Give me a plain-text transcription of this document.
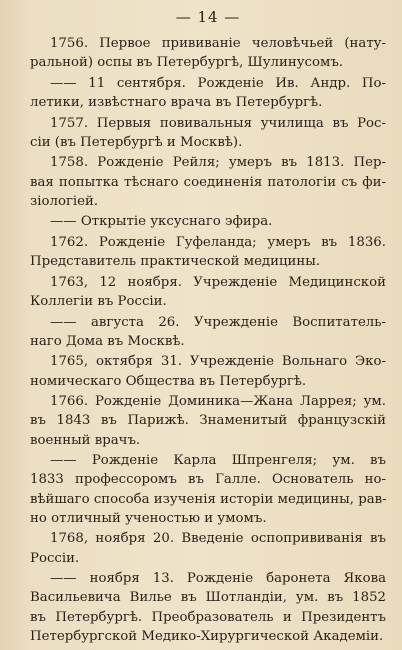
— 14 —
1756. Первое прививаніе человѣчьей (нату-
ральной) оспы въ Петербургѣ, Шулинусомъ.
—— 11 сентября. Рожденіе Ив. Андр. По-
летики, извѣстнаго врача въ Петербургѣ.
1757. Первыя повивальныя училища въ Рос-
сіи (въ Петербургѣ и Москвѣ).
1758. Рожденіе Рейля; умеръ въ 1813. Пер-
вая попытка тѣснаго соединенія патологіи съ фи-
зіологіей.
—— Открытіе уксуснаго эфира.
1762. Рожденіе Гуфеланда; умеръ въ 1836.
Представитель практической медицины.
1763, 12 ноября. Учрежденіе Медицинской
Коллегіи въ Россіи.
—— августа 26. Учрежденіе Воспитатель-
наго Дома въ Москвѣ.
1765, октября 31. Учрежденіе Вольнаго Эко-
номическаго Общества въ Петербургѣ.
1766. Рожденіе Доминика—Жана Ларрея; ум.
въ 1843 въ Парижѣ. Знаменитый французскій
военный врачъ.
—— Рожденіе Карла Шпренгеля; ум. въ
1833 профессоромъ въ Галле. Основатель но-
вѣйшаго способа изученія исторіи медицины, рав-
но отличный ученостью и умомъ.
1768, ноября 20. Введеніе оспопрививанія въ
Россіи.
—— ноября 13. Рожденіе баронета Якова
Васильевича Вилье въ Шотландіи, ум. въ 1852
въ Петербургѣ. Преобразователь и Президентъ
Петербургской Медико-Хирургической Академіи.
